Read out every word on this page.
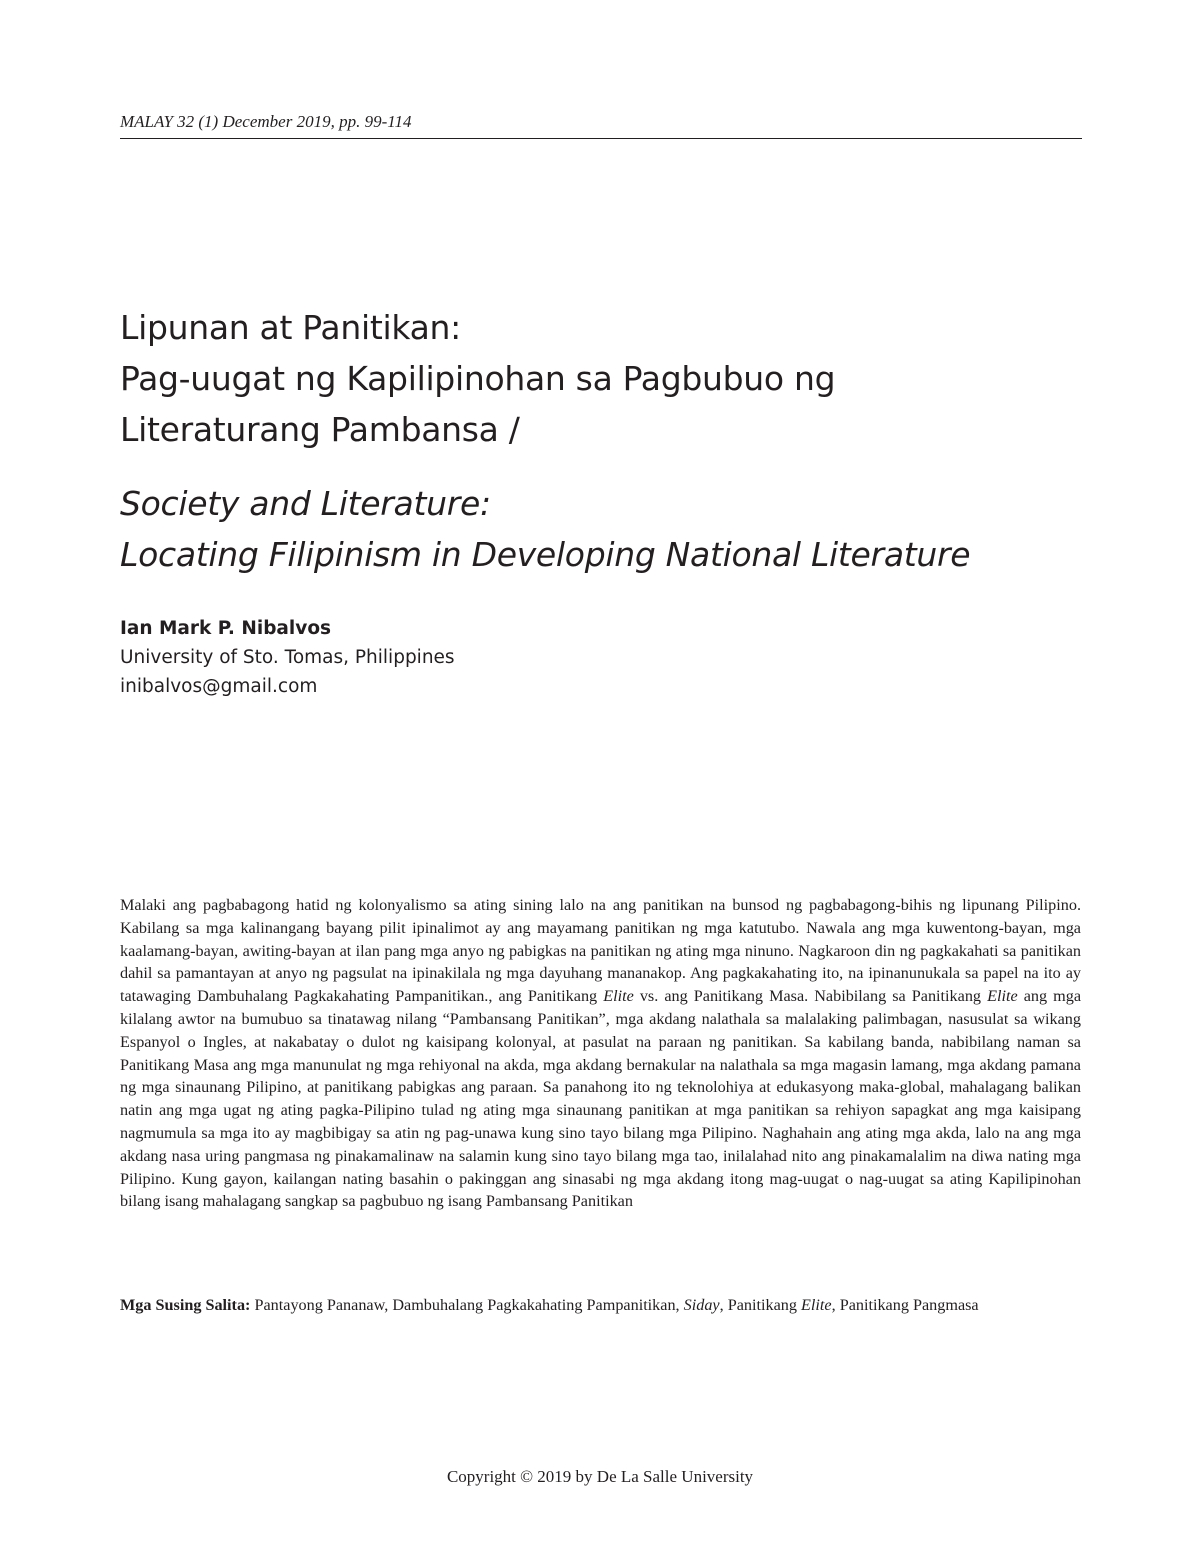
MALAY 32 (1) December 2019, pp. 99-114
Lipunan at Panitikan:
Pag-uugat ng Kapilipinohan sa Pagbubuo ng
Literaturang Pambansa /
Society and Literature:
Locating Filipinism in Developing National Literature
Ian Mark P. Nibalvos
University of Sto. Tomas, Philippines
inibalvos@gmail.com

Malaki ang pagbabagong hatid ng kolonyalismo sa ating sining lalo na ang panitikan na bunsod ng pagbabagong-bihis ng lipunang Pilipino. Kabilang sa mga kalinangang bayang pilit ipinalimot ay ang mayamang panitikan ng mga katutubo. Nawala ang mga kuwentong-bayan, mga kaalamang-bayan, awiting-bayan at ilan pang mga anyo ng pabigkas na panitikan ng ating mga ninuno. Nagkaroon din ng pagkakahati sa panitikan dahil sa pamantayan at anyo ng pagsulat na ipinakilala ng mga dayuhang mananakop. Ang pagkakahating ito, na ipinanunukala sa papel na ito ay tatawaging Dambuhalang Pagkakahating Pampanitikan., ang Panitikang Elite vs. ang Panitikang Masa. Nabibilang sa Panitikang Elite ang mga kilalang awtor na bumubuo sa tinatawag nilang “Pambansang Panitikan”, mga akdang nalathala sa malalaking palimbagan, nasusulat sa wikang Espanyol o Ingles, at nakabatay o dulot ng kaisipang kolonyal, at pasulat na paraan ng panitikan. Sa kabilang banda, nabibilang naman sa Panitikang Masa ang mga manunulat ng mga rehiyonal na akda, mga akdang bernakular na nalathala sa mga magasin lamang, mga akdang pamana ng mga sinaunang Pilipino, at panitikang pabigkas ang paraan. Sa panahong ito ng teknolohiya at edukasyong maka-global, mahalagang balikan natin ang mga ugat ng ating pagka-Pilipino tulad ng ating mga sinaunang panitikan at mga panitikan sa rehiyon sapagkat ang mga kaisipang nagmumula sa mga ito ay magbibigay sa atin ng pag-unawa kung sino tayo bilang mga Pilipino. Naghahain ang ating mga akda, lalo na ang mga akdang nasa uring pangmasa ng pinakamalinaw na salamin kung sino tayo bilang mga tao, inilalahad nito ang pinakamalalim na diwa nating mga Pilipino. Kung gayon, kailangan nating basahin o pakinggan ang sinasabi ng mga akdang itong mag-uugat o nag-uugat sa ating Kapilipinohan bilang isang mahalagang sangkap sa pagbubuo ng isang Pambansang Panitikan

Mga Susing Salita: Pantayong Pananaw, Dambuhalang Pagkakahating Pampanitikan, Siday, Panitikang Elite, Panitikang Pangmasa

Copyright © 2019 by De La Salle University
